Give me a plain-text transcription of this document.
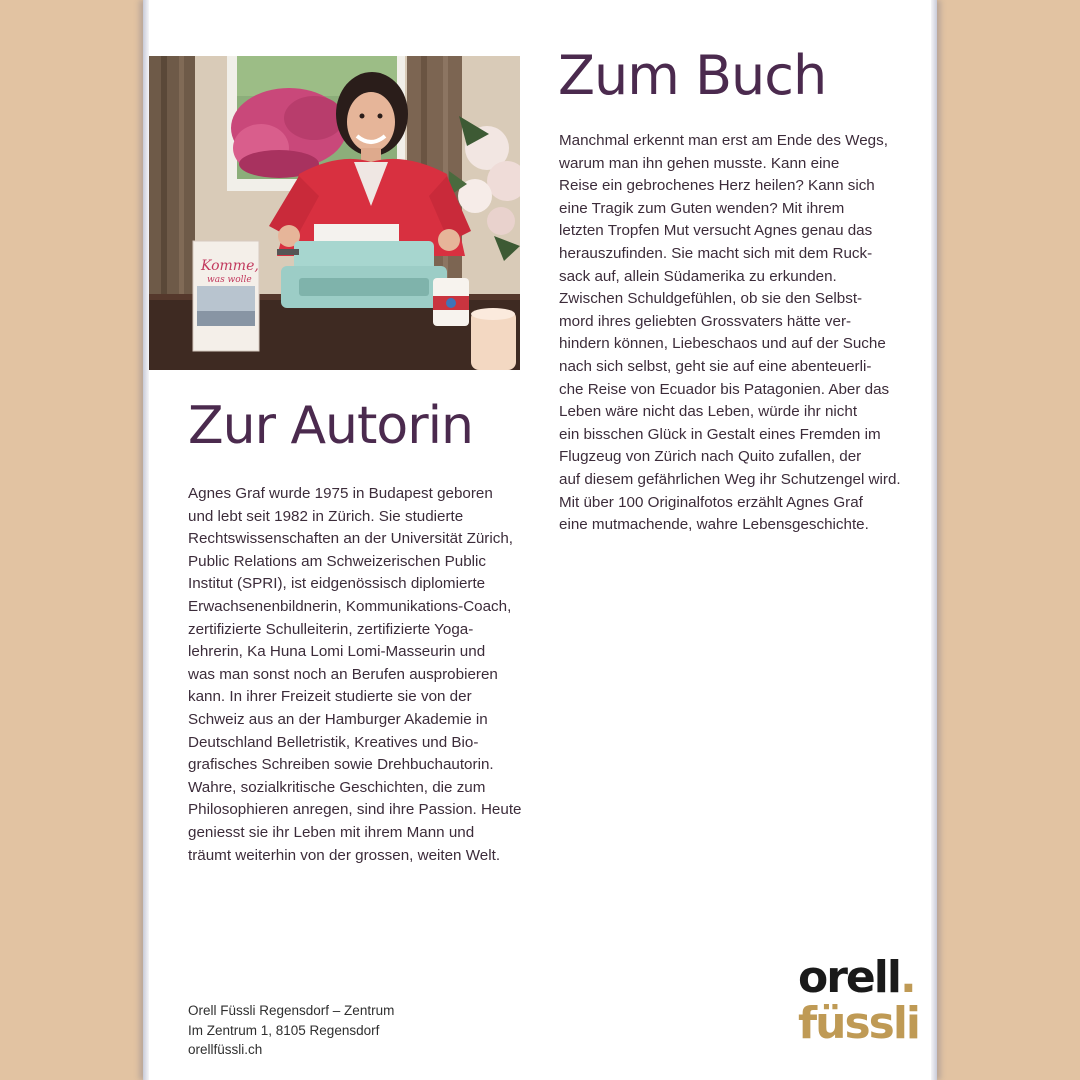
Komme,
was wolle
Zum Buch

Manchmal erkennt man erst am Ende des Wegs,
warum man ihn gehen musste. Kann eine
Reise ein gebrochenes Herz heilen? Kann sich
eine Tragik zum Guten wenden? Mit ihrem
letzten Tropfen Mut versucht Agnes genau das
herauszufinden. Sie macht sich mit dem Ruck-
sack auf, allein Südamerika zu erkunden.
Zwischen Schuldgefühlen, ob sie den Selbst-
mord ihres geliebten Grossvaters hätte ver-
hindern können, Liebeschaos und auf der Suche
nach sich selbst, geht sie auf eine abenteuerli-
che Reise von Ecuador bis Patagonien. Aber das
Leben wäre nicht das Leben, würde ihr nicht
ein bisschen Glück in Gestalt eines Fremden im
Flugzeug von Zürich nach Quito zufallen, der
auf diesem gefährlichen Weg ihr Schutzengel wird.
Mit über 100 Originalfotos erzählt Agnes Graf
eine mutmachende, wahre Lebensgeschichte.

Zur Autorin

Agnes Graf wurde 1975 in Budapest geboren
und lebt seit 1982 in Zürich. Sie studierte
Rechtswissenschaften an der Universität Zürich,
Public Relations am Schweizerischen Public
Institut (SPRI), ist eidgenössisch diplomierte
Erwachsenenbildnerin, Kommunikations-Coach,
zertifizierte Schulleiterin, zertifizierte Yoga-
lehrerin, Ka Huna Lomi Lomi-Masseurin und
was man sonst noch an Berufen ausprobieren
kann. In ihrer Freizeit studierte sie von der
Schweiz aus an der Hamburger Akademie in
Deutschland Belletristik, Kreatives und Bio-
grafisches Schreiben sowie Drehbuchautorin.
Wahre, sozialkritische Geschichten, die zum
Philosophieren anregen, sind ihre Passion. Heute
geniesst sie ihr Leben mit ihrem Mann und
träumt weiterhin von der grossen, weiten Welt.

Orell Füssli Regensdorf – Zentrum
Im Zentrum 1, 8105 Regensdorf
orellfüssli.ch
orell.
füssli
